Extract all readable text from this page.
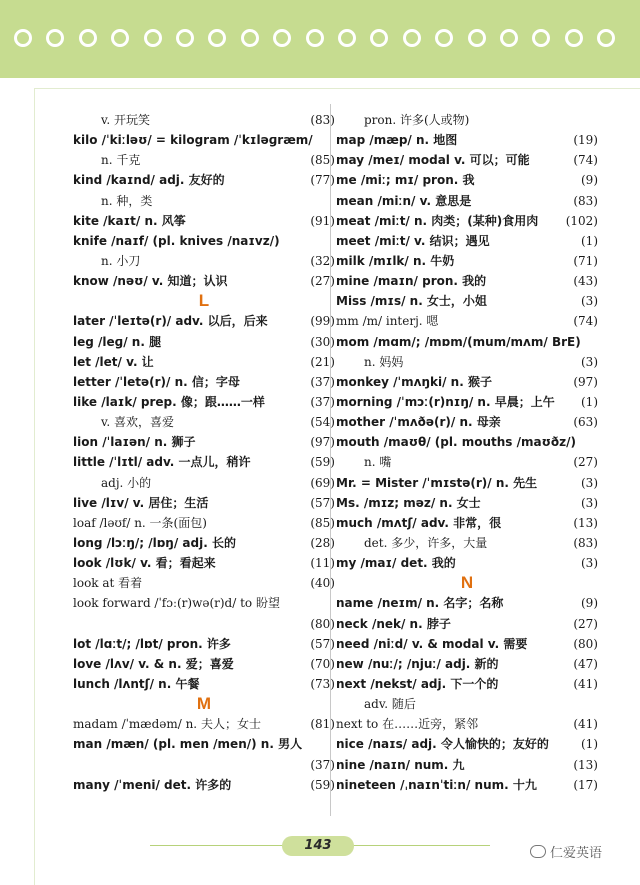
v. 开玩笑	(83)
kilo /ˈkiːləʊ/ = kilogram /ˈkɪləɡræm/
n. 千克	(85)
kind /kaɪnd/ adj. 友好的	(77)
n. 种，类
kite /kaɪt/ n. 风筝	(91)
knife /naɪf/ (pl. knives /naɪvz/)
n. 小刀	(32)
know /nəʊ/ v. 知道；认识	(27)
L
later /ˈleɪtə(r)/ adv. 以后，后来	(99)
leg /leɡ/ n. 腿	(30)
let /let/ v. 让	(21)
letter /ˈletə(r)/ n. 信；字母	(37)
like /laɪk/ prep. 像；跟……一样	(37)
v. 喜欢，喜爱	(54)
lion /ˈlaɪən/ n. 狮子	(97)
little /ˈlɪtl/ adv. 一点儿，稍许	(59)
adj. 小的	(69)
live /lɪv/ v. 居住；生活	(57)
loaf /ləʊf/ n. 一条(面包)	(85)
long /lɔːŋ/; /lɒŋ/ adj. 长的	(28)
look /lʊk/ v. 看；看起来	(11)
look at 看着	(40)
look forward /ˈfɔː(r)wə(r)d/ to 盼望
(80)
lot /lɑːt/; /lɒt/ pron. 许多	(57)
love /lʌv/ v. & n. 爱；喜爱	(70)
lunch /lʌntʃ/ n. 午餐	(73)
M
madam /ˈmædəm/ n. 夫人；女士	(81)
man /mæn/ (pl. men /men/) n. 男人
(37)
many /ˈmeni/ det. 许多的	(59)
pron. 许多(人或物)
map /mæp/ n. 地图	(19)
may /meɪ/ modal v. 可以；可能	(74)
me /miː; mɪ/ pron. 我	(9)
mean /miːn/ v. 意思是	(83)
meat /miːt/ n. 肉类；(某种)食用肉 (102)
meet /miːt/ v. 结识；遇见	(1)
milk /mɪlk/ n. 牛奶	(71)
mine /maɪn/ pron. 我的	(43)
Miss /mɪs/ n. 女士，小姐	(3)
mm /m/ interj. 嗯	(74)
mom /mɑm/; /mɒm/(mum/mʌm/ BrE)
n. 妈妈	(3)
monkey /ˈmʌŋki/ n. 猴子	(97)
morning /ˈmɔː(r)nɪŋ/ n. 早晨；上午 (1)
mother /ˈmʌðə(r)/ n. 母亲	(63)
mouth /maʊθ/ (pl. mouths /maʊðz/)
n. 嘴	(27)
Mr. = Mister /ˈmɪstə(r)/ n. 先生	(3)
Ms. /mɪz; məz/ n. 女士	(3)
much /mʌtʃ/ adv. 非常，很	(13)
det. 多少，许多，大量	(83)
my /maɪ/ det. 我的	(3)
N
name /neɪm/ n. 名字；名称	(9)
neck /nek/ n. 脖子	(27)
need /niːd/ v. & modal v. 需要	(80)
new /nuː/; /njuː/ adj. 新的	(47)
next /nekst/ adj. 下一个的	(41)
adv. 随后
next to 在……近旁，紧邻	(41)
nice /naɪs/ adj. 令人愉快的；友好的	(1)
nine /naɪn/ num. 九	(13)
nineteen /ˌnaɪnˈtiːn/ num. 十九	(17)
143
仁爱英语
